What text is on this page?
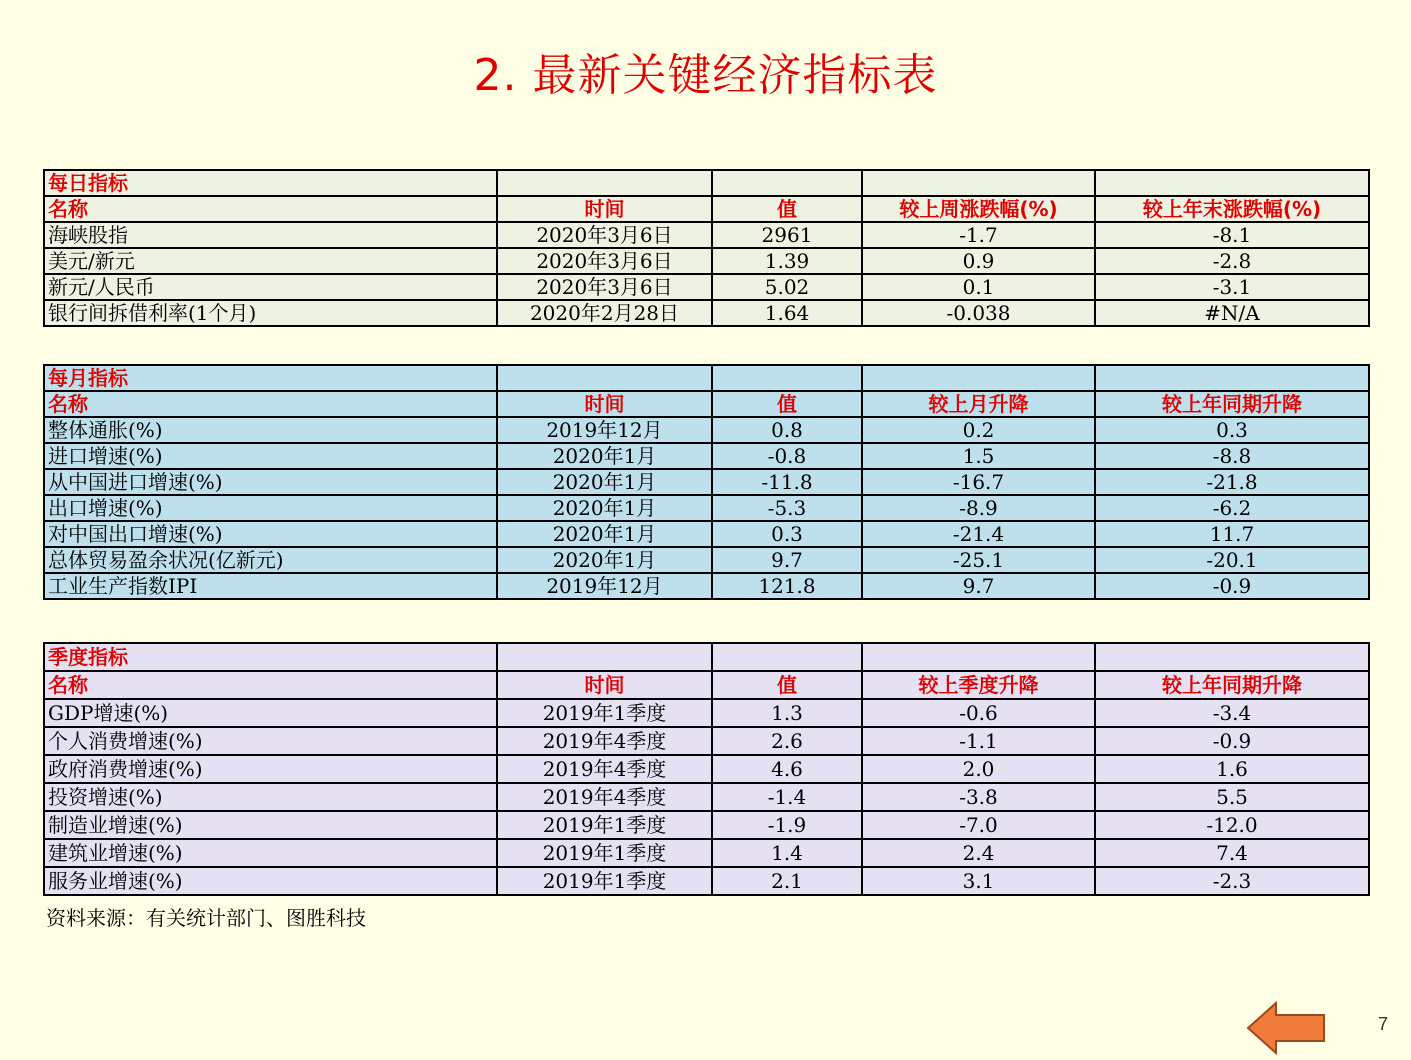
2. 最新关键经济指标表
每日指标				
名称	时间	值	较上周涨跌幅(%)	较上年末涨跌幅(%)
海峡股指	2020年3月6日	2961	-1.7	-8.1
美元/新元	2020年3月6日	1.39	0.9	-2.8
新元/人民币	2020年3月6日	5.02	0.1	-3.1
银行间拆借利率(1个月)	2020年2月28日	1.64	-0.038	#N/A
每月指标				
名称	时间	值	较上月升降	较上年同期升降
整体通胀(%)	2019年12月	0.8	0.2	0.3
进口增速(%)	2020年1月	-0.8	1.5	-8.8
从中国进口增速(%)	2020年1月	-11.8	-16.7	-21.8
出口增速(%)	2020年1月	-5.3	-8.9	-6.2
对中国出口增速(%)	2020年1月	0.3	-21.4	11.7
总体贸易盈余状况(亿新元)	2020年1月	9.7	-25.1	-20.1
工业生产指数IPI	2019年12月	121.8	9.7	-0.9
季度指标				
名称	时间	值	较上季度升降	较上年同期升降
GDP增速(%)	2019年1季度	1.3	-0.6	-3.4
个人消费增速(%)	2019年4季度	2.6	-1.1	-0.9
政府消费增速(%)	2019年4季度	4.6	2.0	1.6
投资增速(%)	2019年4季度	-1.4	-3.8	5.5
制造业增速(%)	2019年1季度	-1.9	-7.0	-12.0
建筑业增速(%)	2019年1季度	1.4	2.4	7.4
服务业增速(%)	2019年1季度	2.1	3.1	-2.3
资料来源：有关统计部门、图胜科技
7
